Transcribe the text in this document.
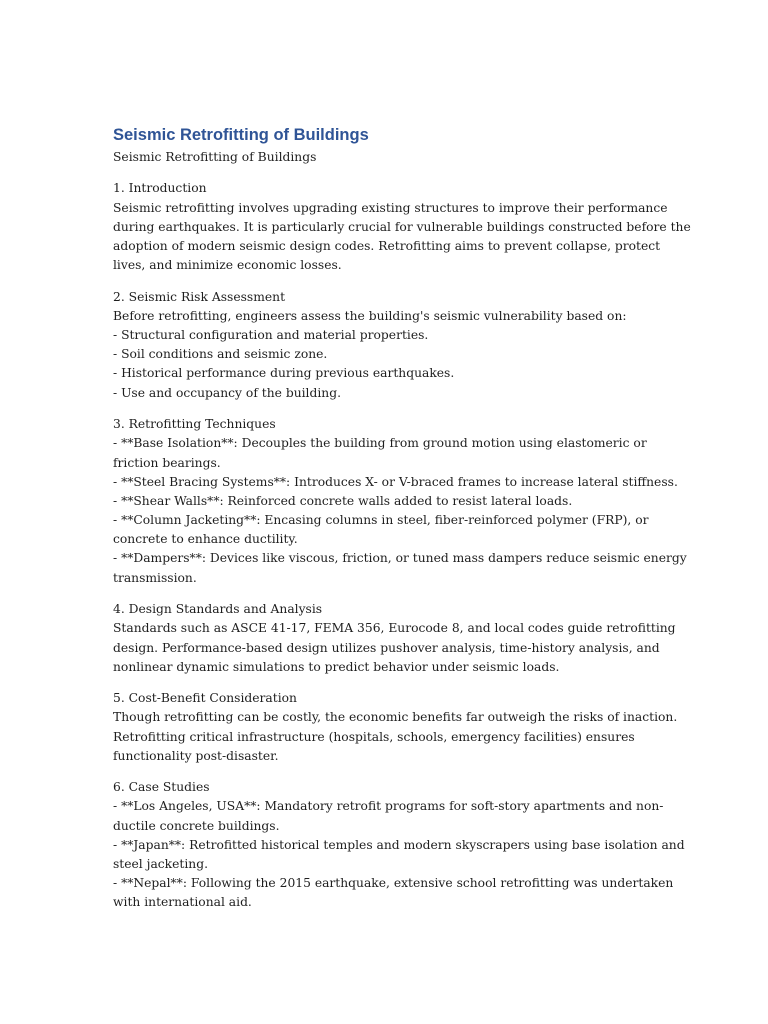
Seismic Retrofitting of Buildings

Seismic Retrofitting of Buildings

1. Introduction

Seismic retrofitting involves upgrading existing structures to improve their performance

during earthquakes. It is particularly crucial for vulnerable buildings constructed before the

adoption of modern seismic design codes. Retrofitting aims to prevent collapse, protect

lives, and minimize economic losses.

2. Seismic Risk Assessment

Before retrofitting, engineers assess the building's seismic vulnerability based on:

- Structural configuration and material properties.

- Soil conditions and seismic zone.

- Historical performance during previous earthquakes.

- Use and occupancy of the building.

3. Retrofitting Techniques

- **Base Isolation**: Decouples the building from ground motion using elastomeric or

friction bearings.

- **Steel Bracing Systems**: Introduces X- or V-braced frames to increase lateral stiffness.

- **Shear Walls**: Reinforced concrete walls added to resist lateral loads.

- **Column Jacketing**: Encasing columns in steel, fiber-reinforced polymer (FRP), or

concrete to enhance ductility.

- **Dampers**: Devices like viscous, friction, or tuned mass dampers reduce seismic energy

transmission.

4. Design Standards and Analysis

Standards such as ASCE 41-17, FEMA 356, Eurocode 8, and local codes guide retrofitting

design. Performance-based design utilizes pushover analysis, time-history analysis, and

nonlinear dynamic simulations to predict behavior under seismic loads.

5. Cost-Benefit Consideration

Though retrofitting can be costly, the economic benefits far outweigh the risks of inaction.

Retrofitting critical infrastructure (hospitals, schools, emergency facilities) ensures

functionality post-disaster.

6. Case Studies

- **Los Angeles, USA**: Mandatory retrofit programs for soft-story apartments and non-

ductile concrete buildings.

- **Japan**: Retrofitted historical temples and modern skyscrapers using base isolation and

steel jacketing.

- **Nepal**: Following the 2015 earthquake, extensive school retrofitting was undertaken

with international aid.
